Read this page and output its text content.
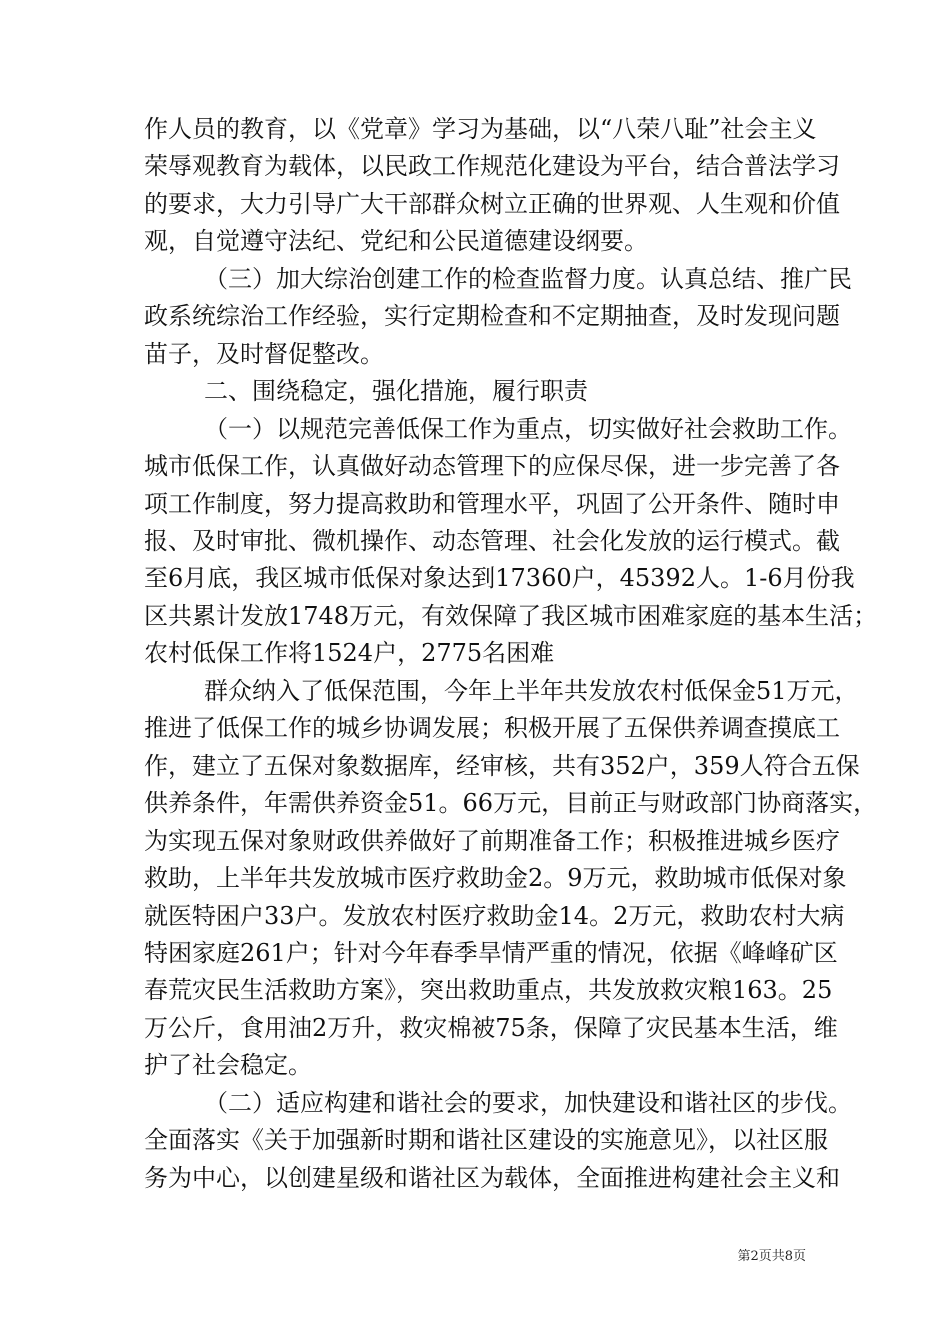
作人员的教育，以《党章》学习为基础，以“八荣八耻”社会主义
荣辱观教育为载体，以民政工作规范化建设为平台，结合普法学习
的要求，大力引导广大干部群众树立正确的世界观、人生观和价值
观，自觉遵守法纪、党纪和公民道德建设纲要。
（三）加大综治创建工作的检查监督力度。认真总结、推广民
政系统综治工作经验，实行定期检查和不定期抽查，及时发现问题
苗子，及时督促整改。
二、围绕稳定，强化措施，履行职责
（一）以规范完善低保工作为重点，切实做好社会救助工作。
城市低保工作，认真做好动态管理下的应保尽保，进一步完善了各
项工作制度，努力提高救助和管理水平，巩固了公开条件、随时申
报、及时审批、微机操作、动态管理、社会化发放的运行模式。截
至6月底，我区城市低保对象达到17360户，45392人。1-6月份我
区共累计发放1748万元，有效保障了我区城市困难家庭的基本生活；
农村低保工作将1524户，2775名困难
群众纳入了低保范围，今年上半年共发放农村低保金51万元，
推进了低保工作的城乡协调发展；积极开展了五保供养调查摸底工
作，建立了五保对象数据库，经审核，共有352户，359人符合五保
供养条件，年需供养资金51。66万元，目前正与财政部门协商落实，
为实现五保对象财政供养做好了前期准备工作；积极推进城乡医疗
救助，上半年共发放城市医疗救助金2。9万元，救助城市低保对象
就医特困户33户。发放农村医疗救助金14。2万元，救助农村大病
特困家庭261户；针对今年春季旱情严重的情况，依据《峰峰矿区
春荒灾民生活救助方案》，突出救助重点，共发放救灾粮163。25
万公斤，食用油2万升，救灾棉被75条，保障了灾民基本生活，维
护了社会稳定。
（二）适应构建和谐社会的要求，加快建设和谐社区的步伐。
全面落实《关于加强新时期和谐社区建设的实施意见》，以社区服
务为中心，以创建星级和谐社区为载体，全面推进构建社会主义和
第2页共8页
